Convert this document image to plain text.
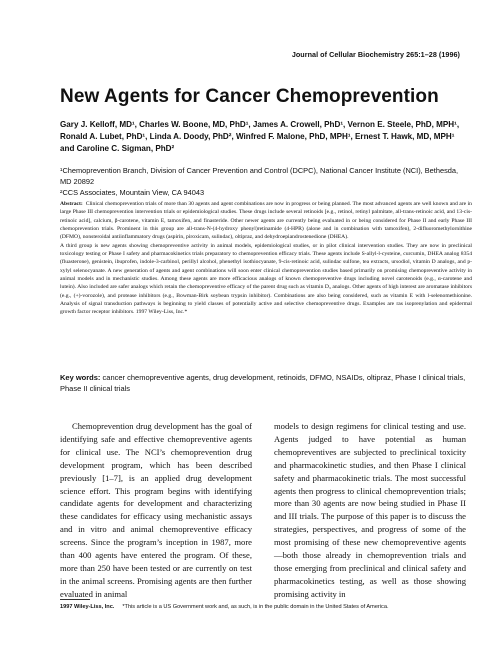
Journal of Cellular Biochemistry 265:1–28 (1996)
New Agents for Cancer Chemoprevention

Gary J. Kelloff, MD¹, Charles W. Boone, MD, PhD¹, James A. Crowell, PhD¹, Vernon E. Steele, PhD, MPH¹, Ronald A. Lubet, PhD¹, Linda A. Doody, PhD², Winfred F. Malone, PhD, MPH¹, Ernest T. Hawk, MD, MPH¹ and Caroline C. Sigman, PhD²

¹Chemoprevention Branch, Division of Cancer Prevention and Control (DCPC), National Cancer Institute (NCI), Bethesda, MD 20892

²CCS Associates, Mountain View, CA 94043

Abstract: Clinical chemoprevention trials of more than 30 agents and agent combinations are now in progress or being planned. The most advanced agents are well known and are in large Phase III chemoprevention intervention trials or epidemiological studies. These drugs include several retinoids [e.g., retinol, retinyl palmitate, all-trans-retinoic acid, and 13-cis-retinoic acid], calcium, β-carotene, vitamin E, tamoxifen, and finasteride. Other newer agents are currently being evaluated in or being considered for Phase II and early Phase III chemoprevention trials. Prominent in this group are all-trans-N-(4-hydroxy phenyl)retinamide (4-HPR) (alone and in combination with tamoxifen), 2-difluoromethylornithine (DFMO), nonsteroidal antiinflammatory drugs (aspirin, piroxicam, sulindac), oltipraz, and dehydroepiandrostenedione (DHEA).

A third group is new agents showing chemopreventive activity in animal models, epidemiological studies, or in pilot clinical intervention studies. They are now in preclinical toxicology testing or Phase I safety and pharmacokinetics trials preparatory to chemoprevention efficacy trials. These agents include S-allyl-l-cysteine, curcumin, DHEA analog 8354 (fluasterone), genistein, ibuprofen, indole-3-carbinol, perillyl alcohol, phenethyl isothiocyanate, 9-cis-retinoic acid, sulindac sulfone, tea extracts, ursodiol, vitamin D analogs, and p-xylyl selenocyanate. A new generation of agents and agent combinations will soon enter clinical chemoprevention studies based primarily on promising chemopreventive activity in animal models and in mechanistic studies. Among these agents are more efficacious analogs of known chemopreventive drugs including novel carotenoids (e.g., α-carotene and lutein). Also included are safer analogs which retain the chemopreventive efficacy of the parent drug such as vitamin D₃ analogs. Other agents of high interest are aromatase inhibitors (e.g., (+)-vorozole), and protease inhibitors (e.g., Bowman-Birk soybean trypsin inhibitor). Combinations are also being considered, such as vitamin E with l-selenomethionine. Analysis of signal transduction pathways is beginning to yield classes of potentially active and selective chemopreventive drugs. Examples are ras isoprenylation and epidermal growth factor receptor inhibitors. 1997 Wiley-Liss, Inc.*

Key words: cancer chemopreventive agents, drug development, retinoids, DFMO, NSAIDs, oltipraz, Phase I clinical trials, Phase II clinical trials

Chemoprevention drug development has the goal of identifying safe and effective chemopreventive agents for clinical use. The NCI’s chemoprevention drug development program, which has been described previously [1–7], is an applied drug development science effort. This program begins with identifying candidate agents for development and characterizing these candidates for efficacy using mechanistic assays and in vitro and animal chemopreventive efficacy screens. Since the program’s inception in 1987, more than 400 agents have entered the program. Of these, more than 250 have been tested or are currently on test in the animal screens. Promising agents are then further evaluated in animal

models to design regimens for clinical testing and use. Agents judged to have potential as human chemopreventives are subjected to preclinical toxicity and pharmacokinetic studies, and then Phase I clinical safety and pharmacokinetic trials. The most successful agents then progress to clinical chemoprevention trials; more than 30 agents are now being studied in Phase II and III trials. The purpose of this paper is to discuss the strategies, perspectives, and progress of some of the most promising of these new chemopreventive agents—both those already in chemoprevention trials and those emerging from preclinical and clinical safety and pharmacokinetics testing, as well as those showing promising activity in

1997 Wiley-Liss, Inc. *This article is a US Government work and, as such, is in the public domain in the United States of America.
